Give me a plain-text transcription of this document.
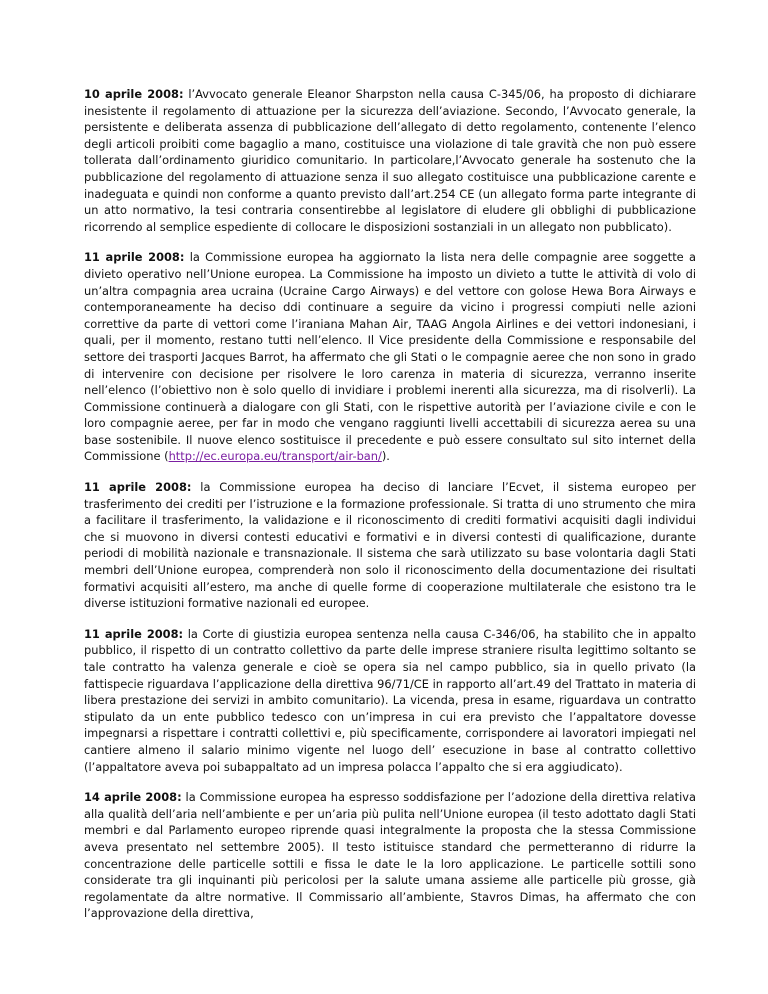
10 aprile 2008: l’Avvocato generale Eleanor Sharpston nella causa C-345/06, ha proposto di dichiarare inesistente il regolamento di attuazione per la sicurezza dell’aviazione. Secondo, l’Avvocato generale, la persistente e deliberata assenza di pubblicazione dell’allegato di detto regolamento, contenente l’elenco degli articoli proibiti come bagaglio a mano, costituisce una violazione di tale gravità che non può essere tollerata dall’ordinamento giuridico comunitario. In particolare,l’Avvocato generale ha sostenuto che la pubblicazione del regolamento di attuazione senza il suo allegato costituisce una pubblicazione carente e inadeguata e quindi non conforme a quanto previsto dall’art.254 CE (un allegato forma parte integrante di un atto normativo, la tesi contraria consentirebbe al legislatore di eludere gli obblighi di pubblicazione ricorrendo al semplice espediente di collocare le disposizioni sostanziali in un allegato non pubblicato).

11 aprile 2008: la Commissione europea ha aggiornato la lista nera delle compagnie aree soggette a divieto operativo nell’Unione europea. La Commissione ha imposto un divieto a tutte le attività di volo di un’altra compagnia area ucraina (Ucraine Cargo Airways) e del vettore con golose Hewa Bora Airways e contemporaneamente ha deciso ddi continuare a seguire da vicino i progressi compiuti nelle azioni correttive da parte di vettori come l’iraniana Mahan Air, TAAG Angola Airlines e dei vettori indonesiani, i quali, per il momento, restano tutti nell’elenco. Il Vice presidente della Commissione e responsabile del settore dei trasporti Jacques Barrot, ha affermato che gli Stati o le compagnie aeree che non sono in grado di intervenire con decisione per risolvere le loro carenza in materia di sicurezza, verranno inserite nell’elenco (l’obiettivo non è solo quello di invidiare i problemi inerenti alla sicurezza, ma di risolverli). La Commissione continuerà a dialogare con gli Stati, con le rispettive autorità per l’aviazione civile e con le loro compagnie aeree, per far in modo che vengano raggiunti livelli accettabili di sicurezza aerea su una base sostenibile. Il nuove elenco sostituisce il precedente e può essere consultato sul sito internet della Commissione (http://ec.europa.eu/transport/air-ban/).

11 aprile 2008: la Commissione europea ha deciso di lanciare l’Ecvet, il sistema europeo per trasferimento dei crediti per l’istruzione e la formazione professionale. Si tratta di uno strumento che mira a facilitare il trasferimento, la validazione e il riconoscimento di crediti formativi acquisiti dagli individui che si muovono in diversi contesti educativi e formativi e in diversi contesti di qualificazione, durante periodi di mobilità nazionale e transnazionale. Il sistema che sarà utilizzato su base volontaria dagli Stati membri dell’Unione europea, comprenderà non solo il riconoscimento della documentazione dei risultati formativi acquisiti all’estero, ma anche di quelle forme di cooperazione multilaterale che esistono tra le diverse istituzioni formative nazionali ed europee.

11 aprile 2008: la Corte di giustizia europea sentenza nella causa C-346/06, ha stabilito che in appalto pubblico, il rispetto di un contratto collettivo da parte delle imprese straniere risulta legittimo soltanto se tale contratto ha valenza generale e cioè se opera sia nel campo pubblico, sia in quello privato (la fattispecie riguardava l’applicazione della direttiva 96/71/CE in rapporto all’art.49 del Trattato in materia di libera prestazione dei servizi in ambito comunitario). La vicenda, presa in esame, riguardava un contratto stipulato da un ente pubblico tedesco con un’impresa in cui era previsto che l’appaltatore dovesse impegnarsi a rispettare i contratti collettivi e, più specificamente, corrispondere ai lavoratori impiegati nel cantiere almeno il salario minimo vigente nel luogo dell’ esecuzione in base al contratto collettivo (l’appaltatore aveva poi subappaltato ad un impresa polacca l’appalto che si era aggiudicato).

14 aprile 2008: la Commissione europea ha espresso soddisfazione per l’adozione della direttiva relativa alla qualità dell’aria nell’ambiente e per un’aria più pulita nell’Unione europea (il testo adottato dagli Stati membri e dal Parlamento europeo riprende quasi integralmente la proposta che la stessa Commissione aveva presentato nel settembre 2005). Il testo istituisce standard che permetteranno di ridurre la concentrazione delle particelle sottili e fissa le date le la loro applicazione. Le particelle sottili sono considerate tra gli inquinanti più pericolosi per la salute umana assieme alle particelle più grosse, già regolamentate da altre normative. Il Commissario all’ambiente, Stavros Dimas, ha affermato che con l’approvazione della direttiva,
